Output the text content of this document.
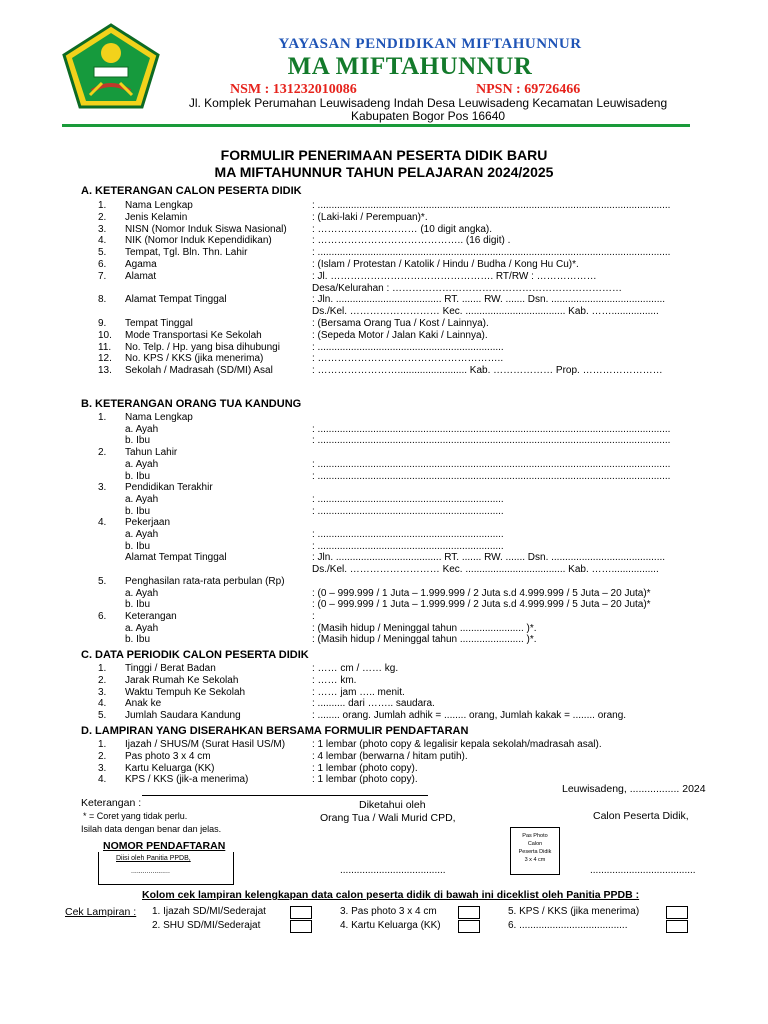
YAYASAN PENDIDIKAN MIFTAHUNNUR
MA MIFTAHUNNUR
NSM : 131232010086	NPSN : 69726466
Jl. Komplek Perumahan Leuwisadeng Indah Desa Leuwisadeng Kecamatan Leuwisadeng
Kabupaten Bogor Pos 16640
FORMULIR PENERIMAAN PESERTA DIDIK BARU
MA MIFTAHUNNUR TAHUN PELAJARAN 2024/2025
A. KETERANGAN CALON PESERTA DIDIK
1. Nama Lengkap	: ...............................................................................................................................
2. Jenis Kelamin	: (Laki-laki / Perempuan)*.
3. NISN (Nomor Induk Siswa Nasional)	: ………………………… (10 digit angka).
4. NIK (Nomor Induk Kependidikan)	: …………………………………….. (16 digit) .
5. Tempat, Tgl. Bln. Thn. Lahir	: ...............................................................................................................................
6. Agama	: (Islam / Protestan / Katolik / Hindu / Budha / Kong Hu Cu)*.
7. Alamat	: Jl. …………………………………………. RT/RW : ………………
Desa/Kelurahan : ……………………………………………………………
8. Alamat Tempat Tinggal	: Jln. ...................................... RT. ....... RW. ....... Dsn. .........................................
Ds./Kel. ……………………… Kec. .................................... Kab. …….................
9. Tempat Tinggal	: (Bersama Orang Tua / Kost / Lainnya).
10. Mode Transportasi Ke Sekolah	: (Sepeda Motor / Jalan Kaki / Lainnya).
11. No. Telp. / Hp. yang bisa dihubungi	: ...................................................................
12. No. KPS / KKS (jika menerima)	: ………………………………………………..
13. Sekolah / Madrasah (SD/MI) Asal	: ……………………......................... Kab. ……………… Prop. ……………………
B. KETERANGAN ORANG TUA KANDUNG
1. Nama Lengkap
a. Ayah	: ...............................................................................................................................
b. Ibu	: ...............................................................................................................................
2. Tahun Lahir
a. Ayah	: ...............................................................................................................................
b. Ibu	: ...............................................................................................................................
3. Pendidikan Terakhir
a. Ayah	: ...................................................................
b. Ibu	: ...................................................................
4. Pekerjaan
a. Ayah	: ...................................................................
b. Ibu	: ...................................................................
Alamat Tempat Tinggal	: Jln. ...................................... RT. ....... RW. ....... Dsn. .........................................
Ds./Kel. ……………………… Kec. .................................... Kab. …….................
5. Penghasilan rata-rata perbulan (Rp)
a. Ayah	: (0 – 999.999 / 1 Juta – 1.999.999 / 2 Juta s.d 4.999.999 / 5 Juta – 20 Juta)*
b. Ibu	: (0 – 999.999 / 1 Juta – 1.999.999 / 2 Juta s.d 4.999.999 / 5 Juta – 20 Juta)*
6. Keterangan	:
a. Ayah	: (Masih hidup / Meninggal tahun ....................... )*.
b. Ibu	: (Masih hidup / Meninggal tahun ....................... )*.
C. DATA PERIODIK CALON PESERTA DIDIK
1. Tinggi / Berat Badan	: …… cm / …… kg.
2. Jarak Rumah Ke Sekolah	: …… km.
3. Waktu Tempuh Ke Sekolah	: …… jam ….. menit.
4. Anak ke	: .......... dari …….. saudara.
5. Jumlah Saudara Kandung	: ........ orang. Jumlah adhik = ........ orang, Jumlah kakak = ........ orang.
D. LAMPIRAN YANG DISERAHKAN BERSAMA FORMULIR PENDAFTARAN
1. Ijazah / SHUS/M (Surat Hasil US/M)	: 1 lembar (photo copy & legalisir kepala sekolah/madrasah asal).
2. Pas photo 3 x 4 cm	: 4 lembar (berwarna / hitam putih).
3. Kartu Keluarga (KK)	: 1 lembar (photo copy).
4. KPS / KKS (jik-a menerima)	: 1 lembar (photo copy).
Leuwisadeng, ................. 2024
Keterangan :	Diketahui oleh
* = Coret yang tidak perlu.	Orang Tua / Wali Murid CPD,	Calon Peserta Didik,
Isilah data dengan benar dan jelas.
NOMOR PENDAFTARAN
Diisi oleh Panitia PPDB,
....................
Pas Photo
Calon
Peserta Didik
3 x 4 cm
......................................	......................................
Kolom cek lampiran kelengkapan data calon peserta didik di bawah ini diceklist oleh Panitia PPDB :
Cek Lampiran : 1. Ijazah SD/MI/Sederajat
2. SHU SD/MI/Sederajat
3. Pas photo 3 x 4 cm
4. Kartu Keluarga (KK)
5. KPS / KKS (jika menerima)
6. .......................................
